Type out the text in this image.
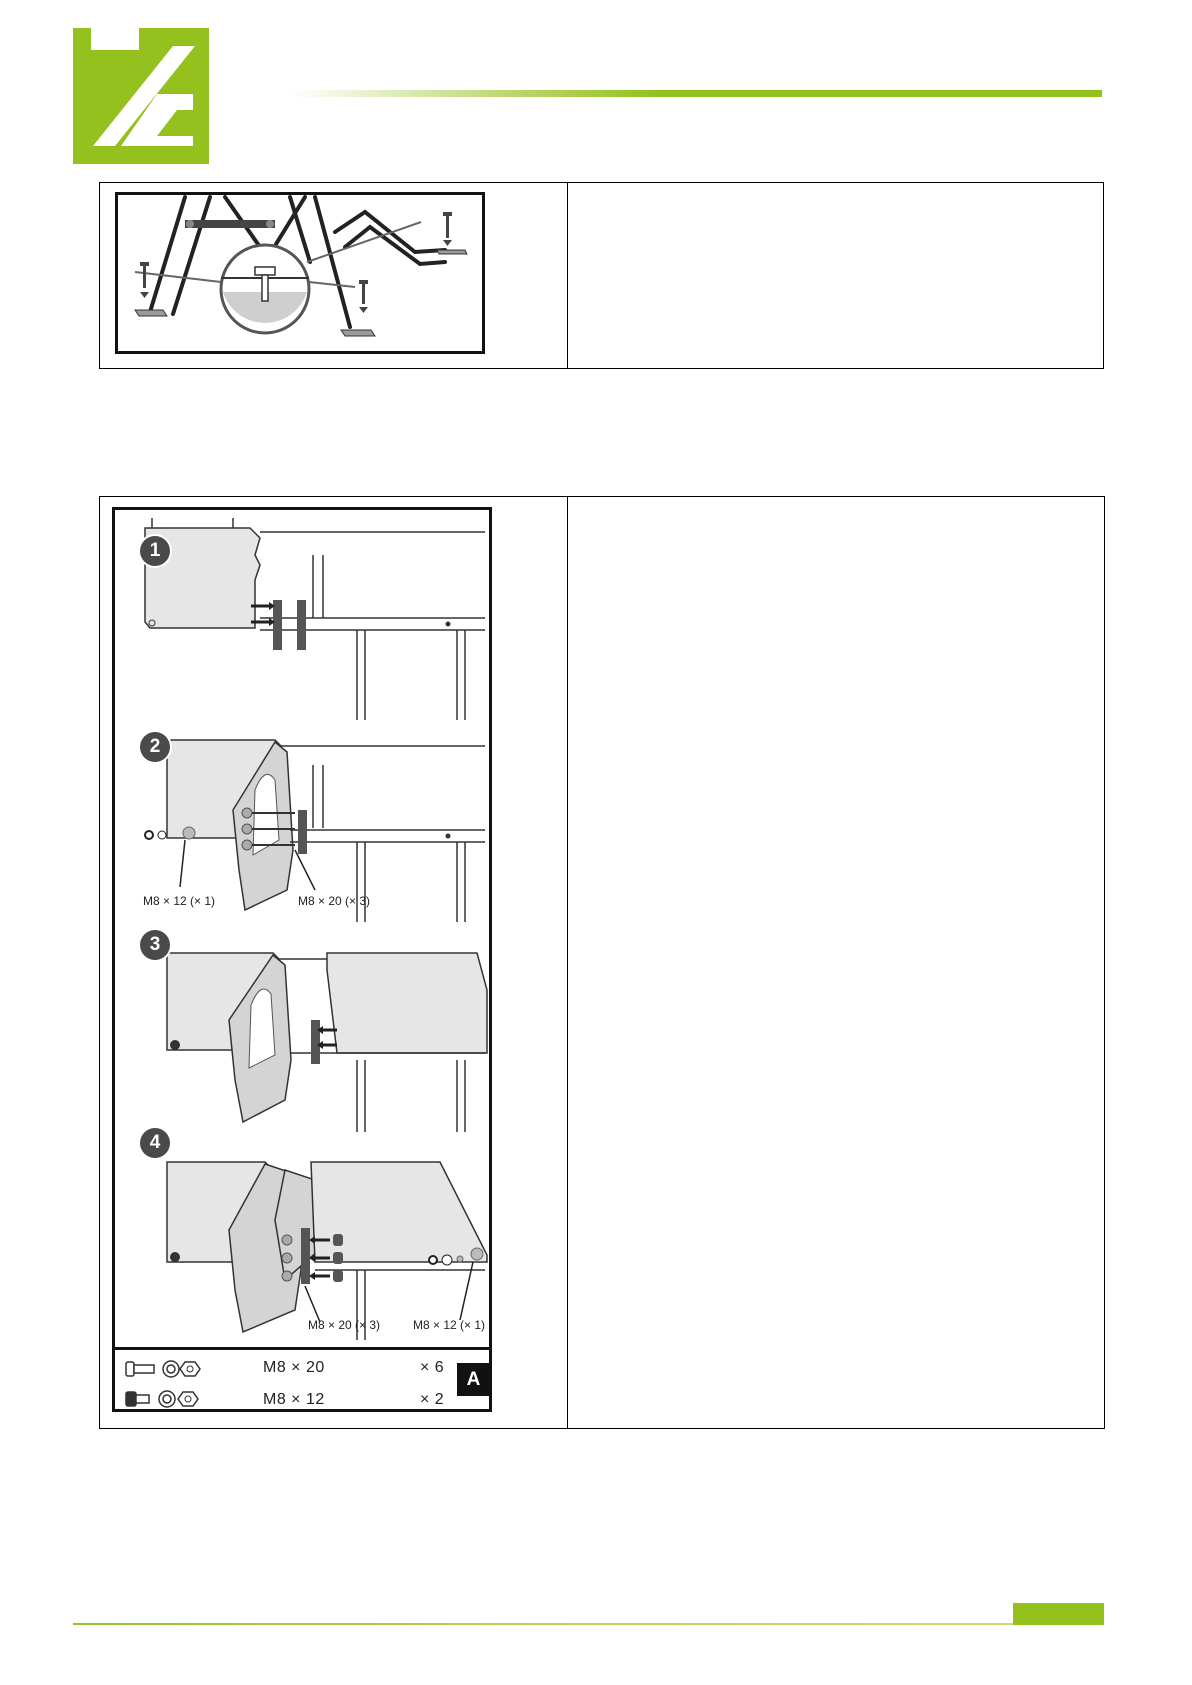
1
2
3
4
M8 × 12 (× 1)	M8 × 20 (× 3)
M8 × 20 (× 3)	M8 × 12 (× 1)
M8 × 20	× 6
M8 × 12	× 2
A
